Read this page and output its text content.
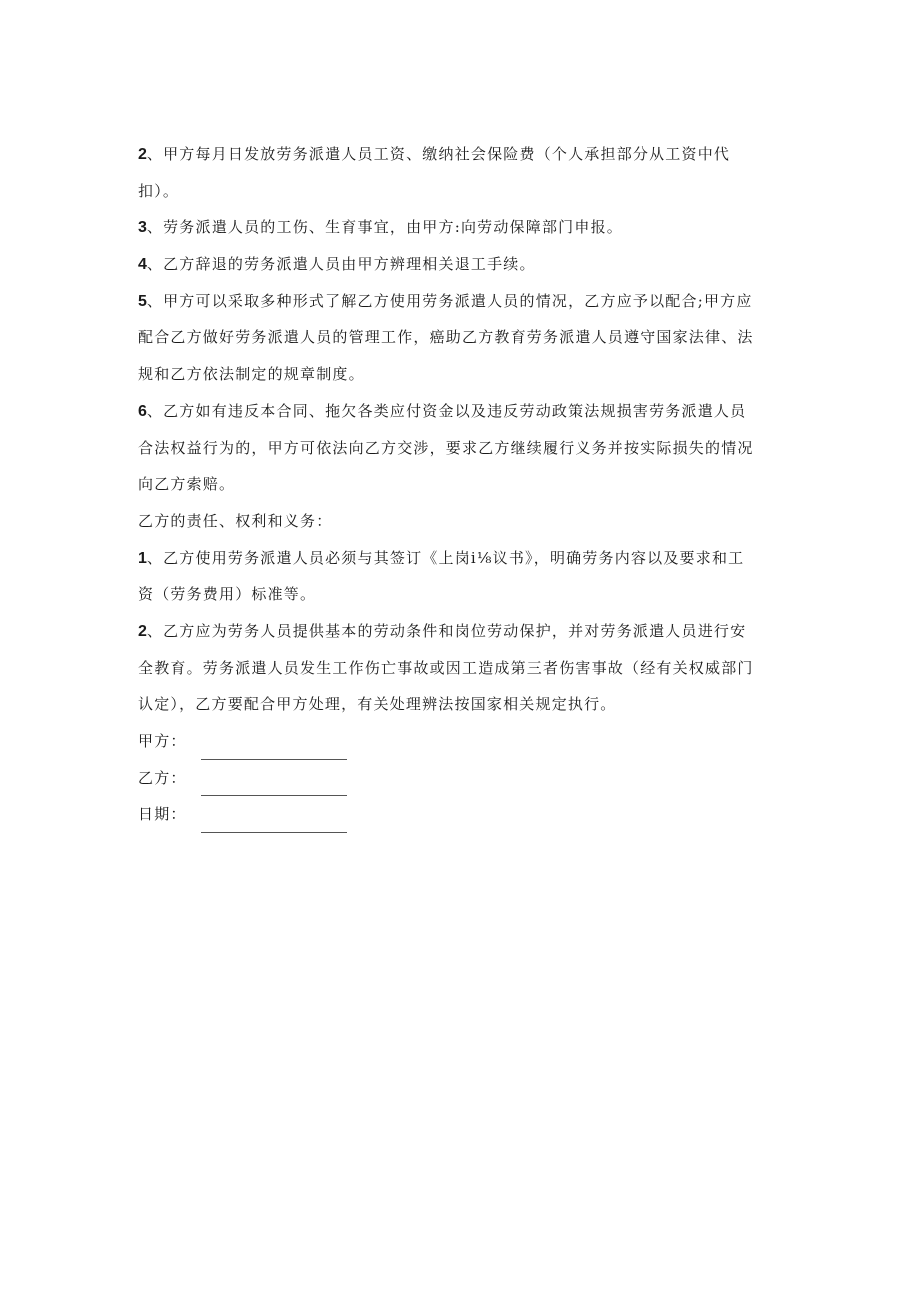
2、甲方每月日发放劳务派遣人员工资、缴纳社会保险费（个人承担部分从工资中代
扣）。
3、劳务派遣人员的工伤、生育事宜，由甲方:向劳动保障部门申报。
4、乙方辞退的劳务派遣人员由甲方辨理相关退工手续。
5、甲方可以采取多种形式了解乙方使用劳务派遣人员的情况，乙方应予以配合;甲方应
配合乙方做好劳务派遣人员的管理工作，癌助乙方教育劳务派遣人员遵守国家法律、法
规和乙方依法制定的规章制度。
6、乙方如有违反本合同、拖欠各类应付资金以及违反劳动政策法规损害劳务派遣人员
合法权益行为的，甲方可依法向乙方交涉，要求乙方继续履行义务并按实际损失的情况
向乙方索赔。
乙方的责任、权利和义务：
1、乙方使用劳务派遣人员必须与其签订《上岗i⅛议书》，明确劳务内容以及要求和工
资（劳务费用）标准等。
2、乙方应为劳务人员提供基本的劳动条件和岗位劳动保护，并对劳务派遣人员进行安
全教育。劳务派遣人员发生工作伤亡事故或因工造成第三者伤害事故（经有关权威部门
认定），乙方要配合甲方处理，有关处理辨法按国家相关规定执行。
甲方：
乙方：
日期：
